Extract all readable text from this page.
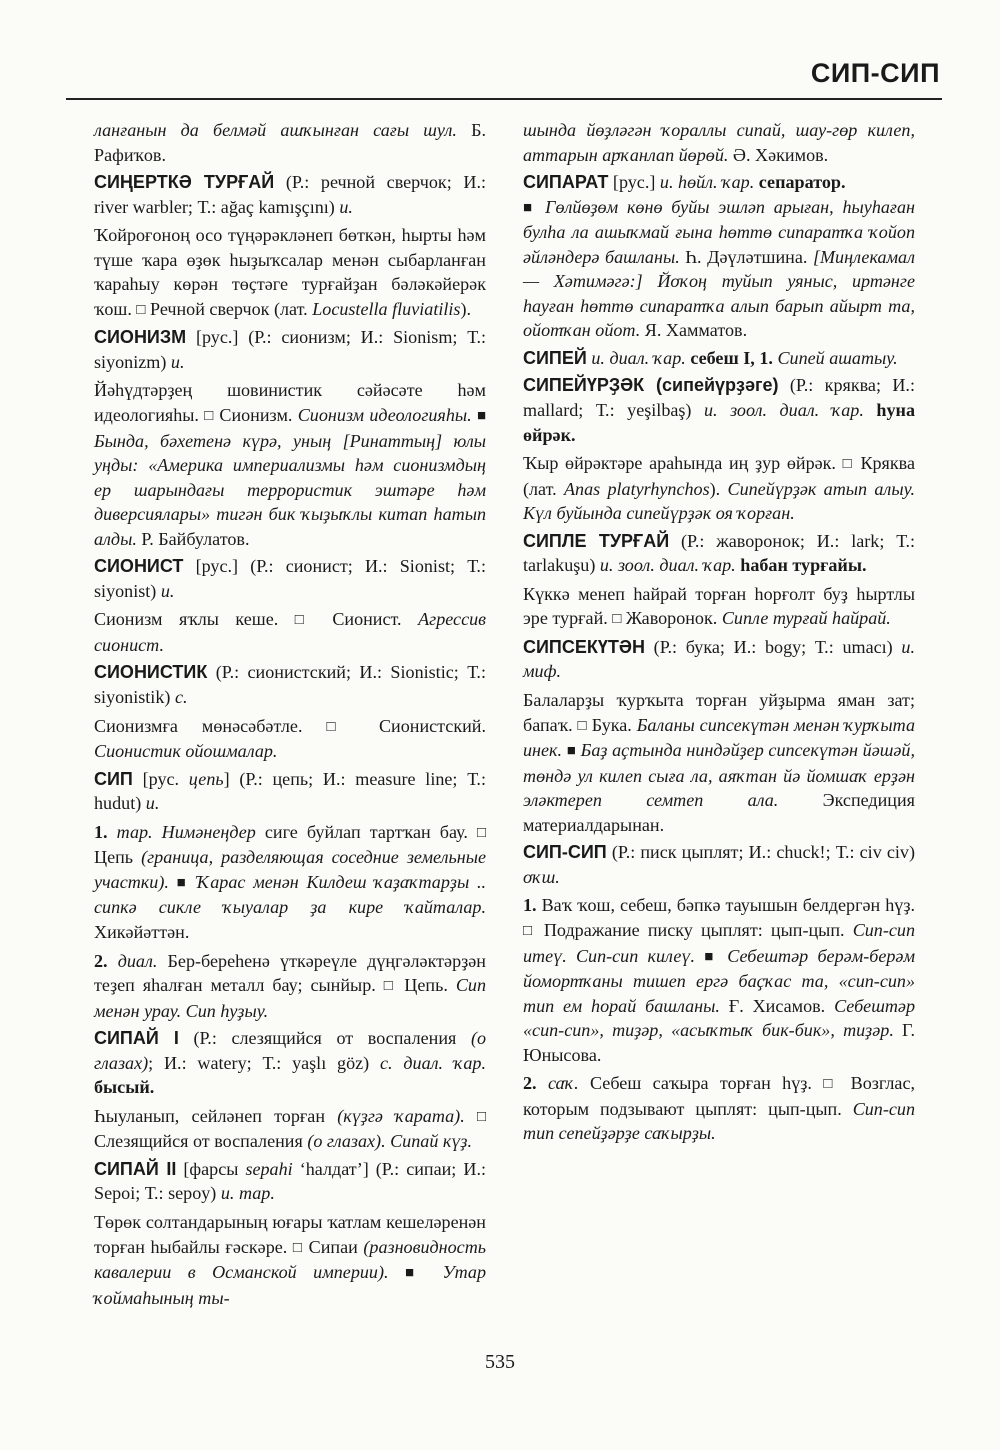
СИП-СИП

ланғанын да белмәй ашҡынған сағы шул. Б. Рафиҡов.

СИҢЕРТКӘ ТУРҒАЙ (Р.: речной сверчок; И.: river warbler; Т.: ağaç kamışçını) и.

Ҡойроғоноң осо түңәрәкләнеп бөткән, һырты һәм түше ҡара өҙөк һыҙыҡсалар менән сыбарланған ҡараһыу көрән төҫтәге турғайҙан бәләкәйерәк ҡош. □ Речной сверчок (лат. Locustella fluviatilis).

СИОНИЗМ [рус.] (Р.: сионизм; И.: Sionism; Т.: siyonizm) и.

Йәһүдтәрҙең шовинистик сәйәсәте һәм идеологияһы. □ Сионизм. Сионизм идеологияһы. ■ Бында, бәхетенә күрә, уның [Ринаттың] юлы уңды: «Америка империализмы һәм сионизмдың ер шарындағы террористик эштәре һәм диверсиялары» тигән бик ҡыҙыҡлы китап һатып алды. Р. Байбулатов.

СИОНИСТ [рус.] (Р.: сионист; И.: Sionist; Т.: siyonist) и.

Сионизм яҡлы кеше. □ Сионист. Агрессив сионист.

СИОНИСТИК (Р.: сионистский; И.: Sionistic; Т.: siyonistik) с.

Сионизмға мөнәсәбәтле. □ Сионистский. Сионистик ойошмалар.

СИП [рус. цепь] (Р.: цепь; И.: measure line; Т.: hudut) и.

1. тар. Нимәнеңдер сиге буйлап тартҡан бау. □ Цепь (граница, разделяющая соседние земельные участки). ■ Ҡарас менән Килдеш ҡаҙаҡтарҙы .. сипкә сикле ҡыуалар ҙа кире ҡайталар. Хикәйәттән.

2. диал. Бер-береһенә үткәреүле дүңгәләктәрҙән теҙеп яһалған металл бау; сынйыр. □ Цепь. Сип менән урау. Сип һуҙыу.

СИПАЙ I (Р.: слезящийся от воспаления (о глазах); И.: watery; Т.: yaşlı göz) с. диал. ҡар. бысый.

Һыуланып, сейләнеп торған (күҙгә ҡарата). □ Слезящийся от воспаления (о глазах). Сипай күҙ.

СИПАЙ II [фарсы sepahi ‘һалдат’] (Р.: сипаи; И.: Sepoi; Т.: sepoy) и. тар.

Төрөк солтандарының юғары ҡатлам кешеләренән торған һыбайлы ғәскәре. □ Сипаи (разновидность кавалерии в Османской империи). ■ Утар ҡоймаһының ты-

шында йөҙләгән ҡораллы сипай, шау-гөр килеп, аттарын арҡанлап йөрөй. Ә. Хәкимов.

СИПАРАТ [рус.] и. һөйл. ҡар. сепаратор.

■ Гөлйөҙөм көнө буйы эшләп арыған, һыуһаған булһа ла ашыҡмай ғына һөттө сипаратҡа ҡойоп әйләндерә башланы. Һ. Дәүләтшина. [Миңлекамал — Хәтимәгә:] Йоҡоң туйып уяныс, иртәнге һауған һөттө сипаратҡа алып барып айырт та, ойотҡан ойот. Я. Хамматов.

СИПЕЙ и. диал. ҡар. себеш I, 1. Сипей ашатыу.

СИПЕЙҮРҘӘК (сипейүрҙәге) (Р.: кряква; И.: mallard; Т.: yeşilbaş) и. зоол. диал. ҡар. һуна өйрәк.

Ҡыр өйрәктәре араһында иң ҙур өйрәк. □ Кряква (лат. Anas platyrhynchos). Сипейүрҙәк атып алыу. Күл буйында сипейүрҙәк оя ҡорған.

СИПЛЕ ТУРҒАЙ (Р.: жаворонок; И.: lark; Т.: tarlakuşu) и. зоол. диал. ҡар. һабан турғайы.

Күккә менеп һайрай торған һорғолт буҙ һыртлы эре турғай. □ Жаворонок. Сипле турғай һайрай.

СИПСЕКҮТӘН (Р.: бука; И.: bogy; Т.: umacı) и. миф.

Балаларҙы ҡурҡыта торған уйҙырма яман зат; бапаҡ. □ Бука. Баланы сипсекүтән менән ҡурҡыта инек. ■ Баҙ аҫтында ниндәйҙер сипсекүтән йәшәй, төндә ул килеп сыға ла, аяҡтан йә йомшаҡ ерҙән эләктереп семтеп ала. Экспедиция материалдарынан.

СИП-СИП (Р.: писк цыплят; И.: chuck!; Т.: civ civ) оҡш.

1. Ваҡ ҡош, себеш, бәпкә тауышын белдергән һүҙ. □ Подражание писку цыплят: цып-цып. Сип-сип итеү. Сип-сип килеү. ■ Себештәр берәм-берәм йомортҡаны тишеп ергә баҫҡас та, «сип-сип» тип ем һорай башланы. Ғ. Хисамов. Себештәр «сип-сип», тиҙәр, «асыҡтыҡ бик-бик», тиҙәр. Г. Юнысова.

2. саҡ. Себеш саҡыра торған һүҙ. □ Возглас, которым подзывают цыплят: цып-цып. Сип-сип тип сепейҙәрҙе саҡырҙы.

535
